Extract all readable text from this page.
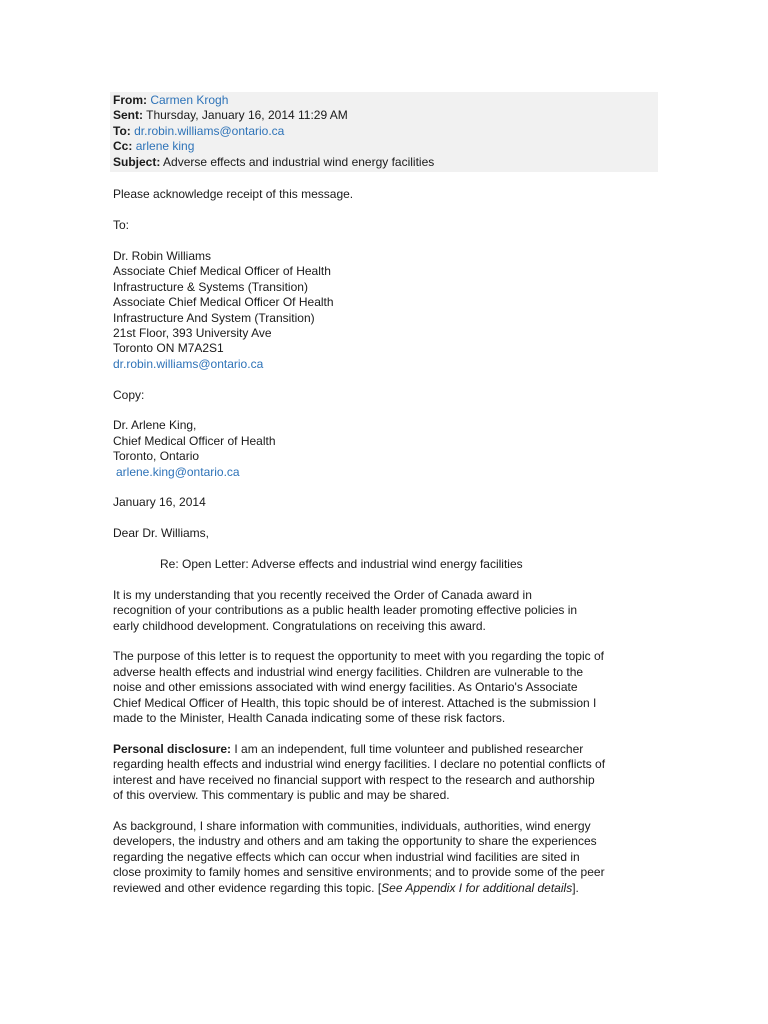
From: Carmen Krogh
Sent: Thursday, January 16, 2014 11:29 AM
To: dr.robin.williams@ontario.ca
Cc: arlene king
Subject: Adverse effects and industrial wind energy facilities

Please acknowledge receipt of this message.

To:

Dr. Robin Williams

Associate Chief Medical Officer of Health

Infrastructure & Systems (Transition)

Associate Chief Medical Officer Of Health

Infrastructure And System (Transition)

21st Floor, 393 University Ave

Toronto ON M7A2S1

dr.robin.williams@ontario.ca

Copy:

Dr. Arlene King,

Chief Medical Officer of Health

Toronto, Ontario

arlene.king@ontario.ca

January 16, 2014

Dear Dr. Williams,

Re: Open Letter: Adverse effects and industrial wind energy facilities

It is my understanding that you recently received the Order of Canada award in

recognition of your contributions as a public health leader promoting effective policies in

early childhood development. Congratulations on receiving this award.

The purpose of this letter is to request the opportunity to meet with you regarding the topic of

adverse health effects and industrial wind energy facilities. Children are vulnerable to the

noise and other emissions associated with wind energy facilities. As Ontario's Associate

Chief Medical Officer of Health, this topic should be of interest. Attached is the submission I

made to the Minister, Health Canada indicating some of these risk factors.

Personal disclosure: I am an independent, full time volunteer and published researcher

regarding health effects and industrial wind energy facilities. I declare no potential conflicts of

interest and have received no financial support with respect to the research and authorship

of this overview. This commentary is public and may be shared.

As background, I share information with communities, individuals, authorities, wind energy

developers, the industry and others and am taking the opportunity to share the experiences

regarding the negative effects which can occur when industrial wind facilities are sited in

close proximity to family homes and sensitive environments; and to provide some of the peer

reviewed and other evidence regarding this topic. [See Appendix I for additional details].
